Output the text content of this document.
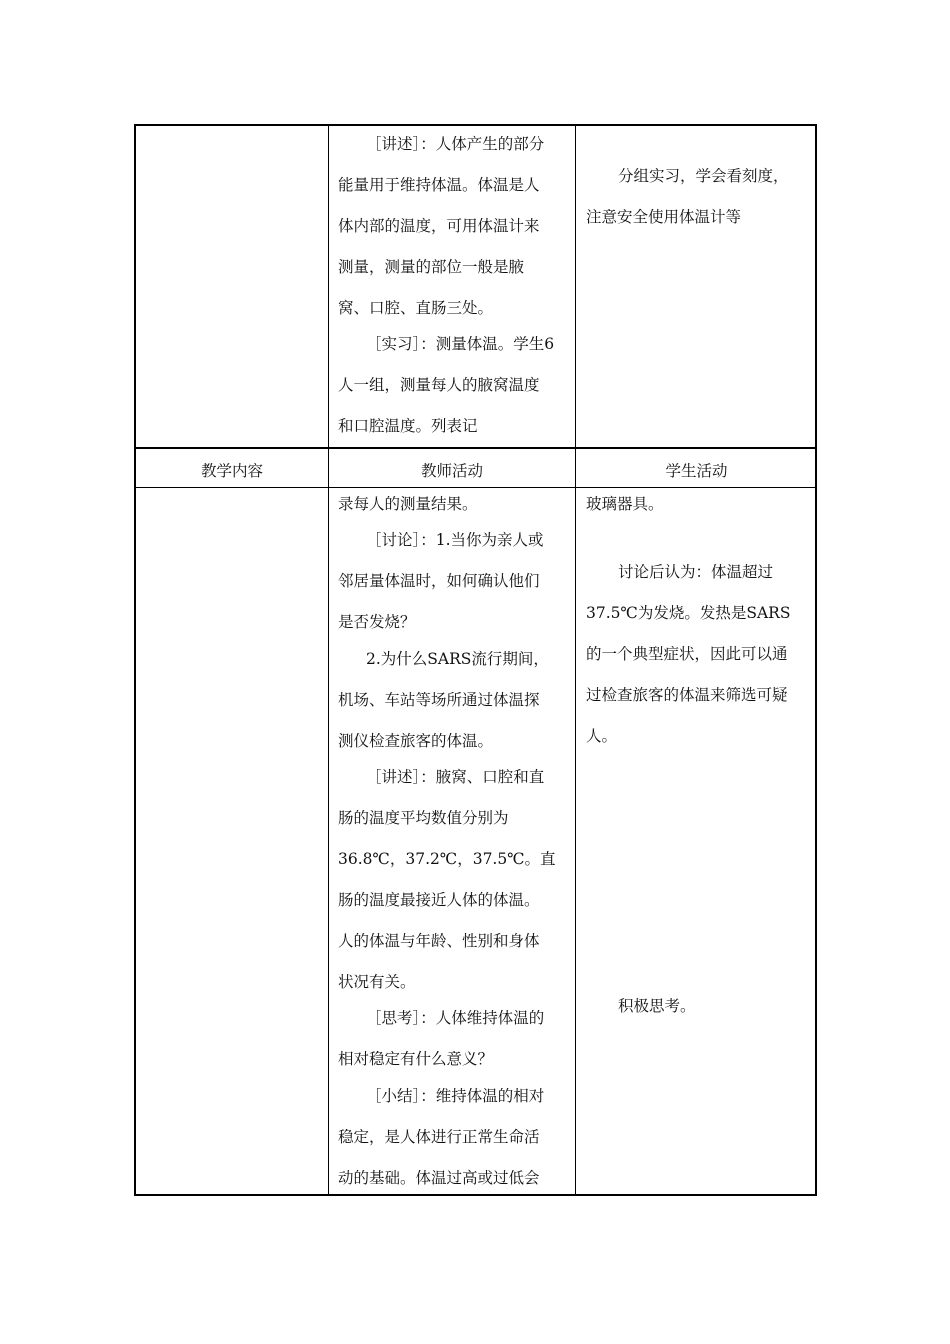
［讲述］：人体产生的部分
能量用于维持体温。体温是人
体内部的温度，可用体温计来
测量，测量的部位一般是腋
窝、口腔、直肠三处。
［实习］：测量体温。学生6
人一组，测量每人的腋窝温度
和口腔温度。列表记
分组实习，学会看刻度，
注意安全使用体温计等
教学内容	教师活动	学生活动
录每人的测量结果。
［讨论］：1.当你为亲人或
邻居量体温时，如何确认他们
是否发烧？
2.为什么SARS流行期间，
机场、车站等场所通过体温探
测仪检查旅客的体温。
［讲述］：腋窝、口腔和直
肠的温度平均数值分别为
36.8℃，37.2℃，37.5℃。直
肠的温度最接近人体的体温。
人的体温与年龄、性别和身体
状况有关。
［思考］：人体维持体温的
相对稳定有什么意义？
［小结］：维持体温的相对
稳定，是人体进行正常生命活
动的基础。体温过高或过低会
玻璃器具。
讨论后认为：体温超过
37.5℃为发烧。发热是SARS
的一个典型症状，因此可以通
过检查旅客的体温来筛选可疑
人。
积极思考。
